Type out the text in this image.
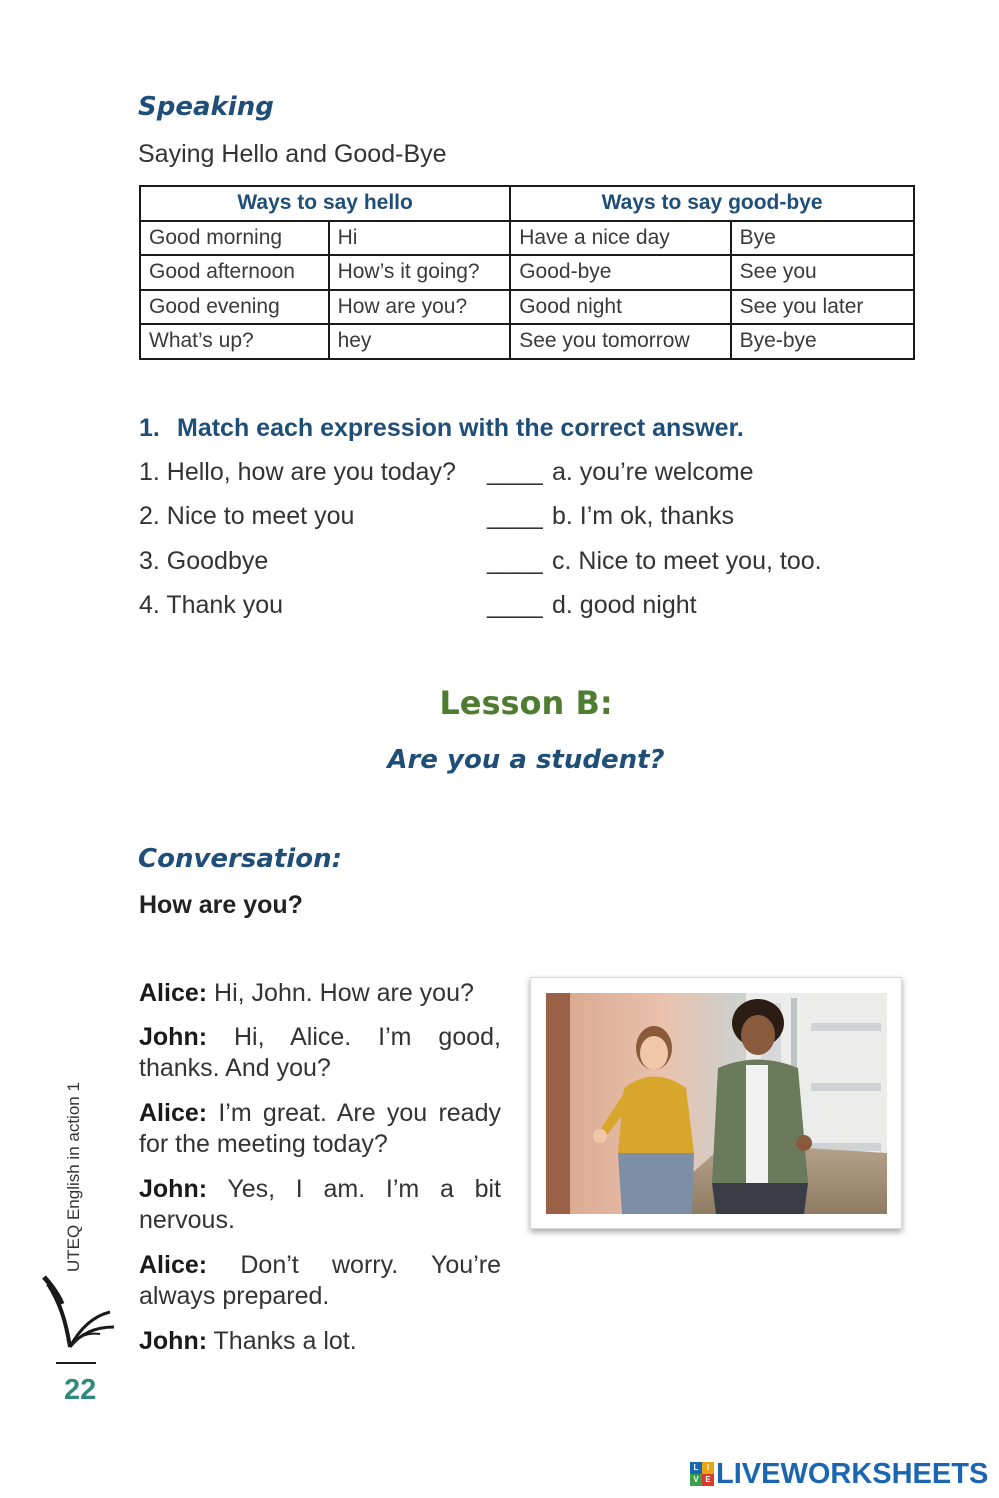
Speaking
Saying Hello and Good-Bye
Ways to say hello		Ways to say good-bye	
Good morning	Hi	Have a nice day	Bye
Good afternoon	How’s it going?	Good-bye	See you
Good evening	How are you?	Good night	See you later
What’s up?	hey	See you tomorrow	Bye-bye
1. Match each expression with the correct answer.
1. Hello, how are you today? ____ a. you’re welcome
2. Nice to meet you	____ b. I’m ok, thanks
3. Goodbye	____ c. Nice to meet you, too.
4. Thank you	____ d. good night
Lesson B:
Are you a student?
Conversation:
How are you?

Alice: Hi, John. How are you?

John: Hi, Alice. I’m good, thanks. And you?

Alice: I’m great. Are you ready for the meeting today?

John: Yes, I am. I’m a bit nervous.

Alice: Don’t worry. You’re always prepared.

John: Thanks a lot.

UTEQ English in action 1
22
L	I
V E LIVEWORKSHEETS
